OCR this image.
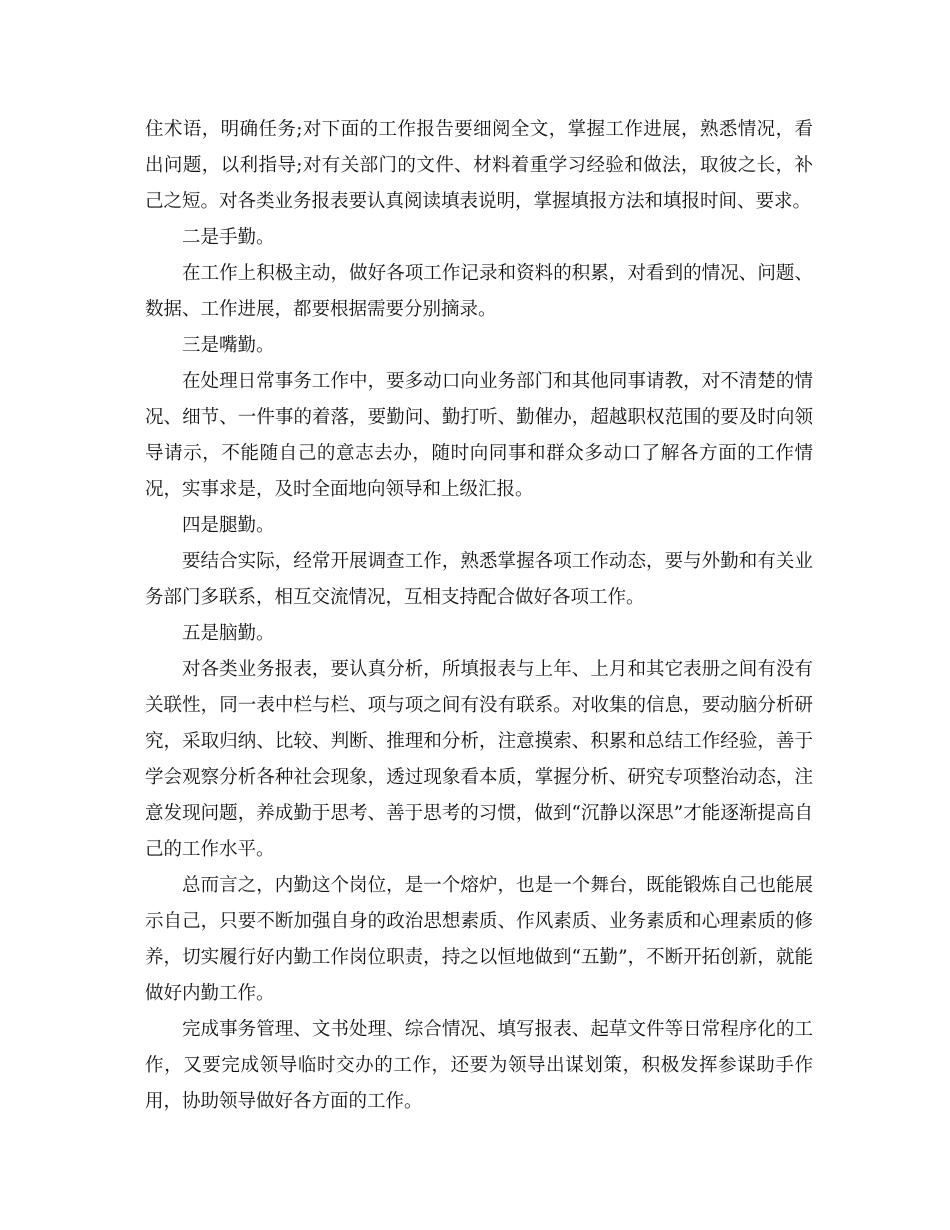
住术语，明确任务;对下面的工作报告要细阅全文，掌握工作进展，熟悉情况，看出问题，以利指导;对有关部门的文件、材料着重学习经验和做法，取彼之长，补己之短。对各类业务报表要认真阅读填表说明，掌握填报方法和填报时间、要求。

二是手勤。

在工作上积极主动，做好各项工作记录和资料的积累，对看到的情况、问题、数据、工作进展，都要根据需要分别摘录。

三是嘴勤。

在处理日常事务工作中，要多动口向业务部门和其他同事请教，对不清楚的情况、细节、一件事的着落，要勤问、勤打听、勤催办，超越职权范围的要及时向领导请示，不能随自己的意志去办，随时向同事和群众多动口了解各方面的工作情况，实事求是，及时全面地向领导和上级汇报。

四是腿勤。

要结合实际，经常开展调查工作，熟悉掌握各项工作动态，要与外勤和有关业务部门多联系，相互交流情况，互相支持配合做好各项工作。

五是脑勤。

对各类业务报表，要认真分析，所填报表与上年、上月和其它表册之间有没有关联性，同一表中栏与栏、项与项之间有没有联系。对收集的信息，要动脑分析研究，采取归纳、比较、判断、推理和分析，注意摸索、积累和总结工作经验，善于学会观察分析各种社会现象，透过现象看本质，掌握分析、研究专项整治动态，注意发现问题，养成勤于思考、善于思考的习惯，做到“沉静以深思”才能逐渐提高自己的工作水平。

总而言之，内勤这个岗位，是一个熔炉，也是一个舞台，既能锻炼自己也能展示自己，只要不断加强自身的政治思想素质、作风素质、业务素质和心理素质的修养，切实履行好内勤工作岗位职责，持之以恒地做到“五勤”，不断开拓创新，就能做好内勤工作。

完成事务管理、文书处理、综合情况、填写报表、起草文件等日常程序化的工作，又要完成领导临时交办的工作，还要为领导出谋划策，积极发挥参谋助手作用，协助领导做好各方面的工作。
